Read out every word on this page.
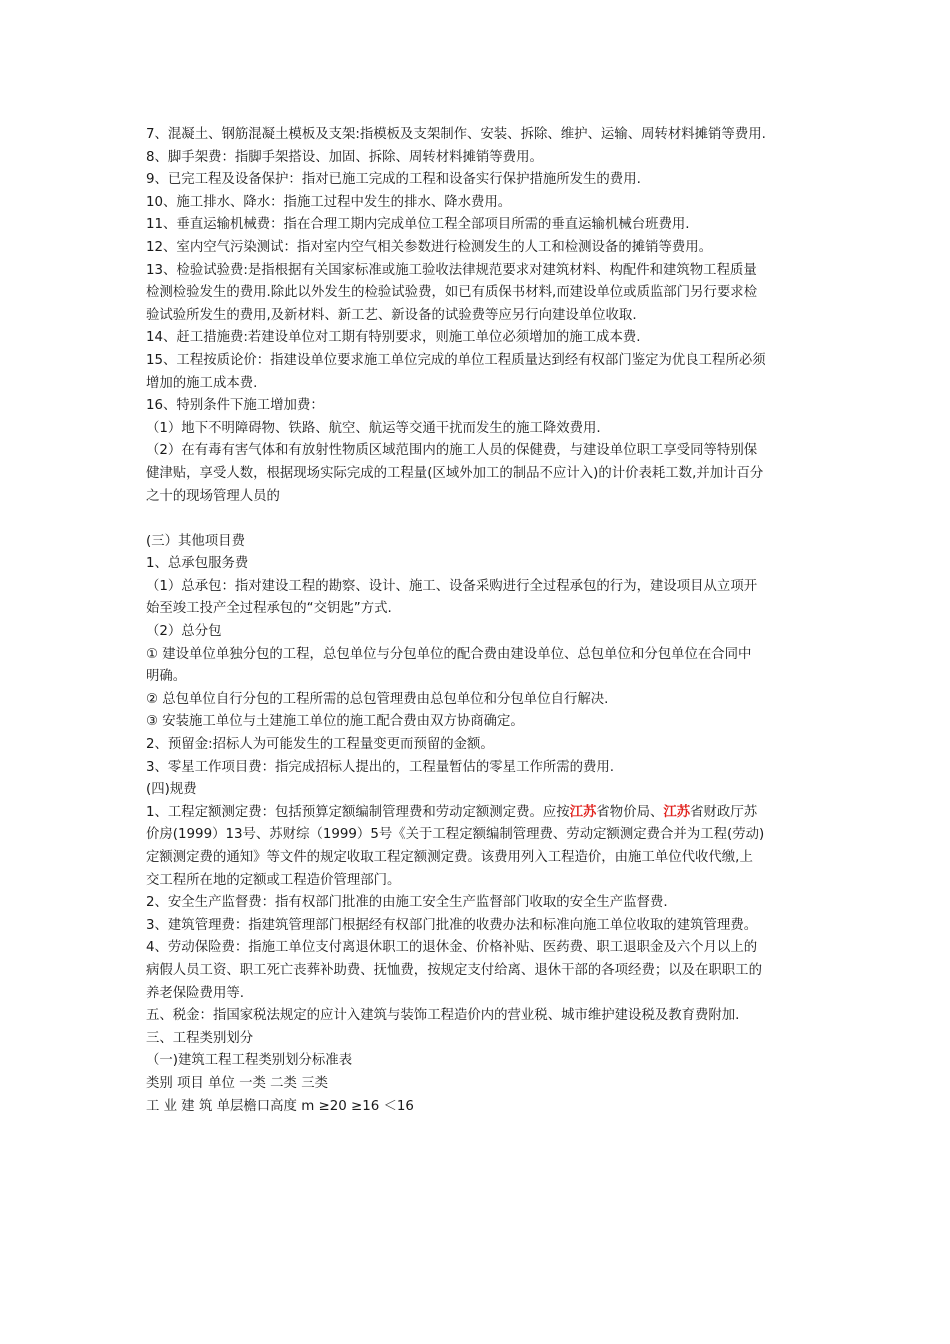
7、混凝土、钢筋混凝土模板及支架:指模板及支架制作、安装、拆除、维护、运输、周转材料摊销等费用.
8、脚手架费：指脚手架搭设、加固、拆除、周转材料摊销等费用。
9、已完工程及设备保护：指对已施工完成的工程和设备实行保护措施所发生的费用.
10、施工排水、降水：指施工过程中发生的排水、降水费用。
11、垂直运输机械费：指在合理工期内完成单位工程全部项目所需的垂直运输机械台班费用.
12、室内空气污染测试：指对室内空气相关参数进行检测发生的人工和检测设备的摊销等费用。
13、检验试验费:是指根据有关国家标准或施工验收法律规范要求对建筑材料、构配件和建筑物工程质量
检测检验发生的费用.除此以外发生的检验试验费，如已有质保书材料,而建设单位或质监部门另行要求检
验试验所发生的费用,及新材料、新工艺、新设备的试验费等应另行向建设单位收取.
14、赶工措施费:若建设单位对工期有特别要求，则施工单位必须增加的施工成本费.
15、工程按质论价：指建设单位要求施工单位完成的单位工程质量达到经有权部门鉴定为优良工程所必须
增加的施工成本费.
16、特别条件下施工增加费：
（1）地下不明障碍物、铁路、航空、航运等交通干扰而发生的施工降效费用.
（2）在有毒有害气体和有放射性物质区域范围内的施工人员的保健费，与建设单位职工享受同等特别保
健津贴，享受人数，根据现场实际完成的工程量(区域外加工的制品不应计入)的计价表耗工数,并加计百分
之十的现场管理人员的
(三）其他项目费
1、总承包服务费
（1）总承包：指对建设工程的勘察、设计、施工、设备采购进行全过程承包的行为，建设项目从立项开
始至竣工投产全过程承包的“交钥匙”方式.
（2）总分包
① 建设单位单独分包的工程，总包单位与分包单位的配合费由建设单位、总包单位和分包单位在合同中
明确。
② 总包单位自行分包的工程所需的总包管理费由总包单位和分包单位自行解决.
③ 安装施工单位与土建施工单位的施工配合费由双方协商确定。
2、预留金:招标人为可能发生的工程量变更而预留的金额。
3、零星工作项目费：指完成招标人提出的，工程量暂估的零星工作所需的费用.
(四)规费
1、工程定额测定费：包括预算定额编制管理费和劳动定额测定费。应按江苏省物价局、江苏省财政厅苏
价房(1999）13号、苏财综（1999）5号《关于工程定额编制管理费、劳动定额测定费合并为工程(劳动)
定额测定费的通知》等文件的规定收取工程定额测定费。该费用列入工程造价，由施工单位代收代缴,上
交工程所在地的定额或工程造价管理部门。
2、安全生产监督费：指有权部门批准的由施工安全生产监督部门收取的安全生产监督费.
3、建筑管理费：指建筑管理部门根据经有权部门批准的收费办法和标准向施工单位收取的建筑管理费。
4、劳动保险费：指施工单位支付离退休职工的退休金、价格补贴、医药费、职工退职金及六个月以上的
病假人员工资、职工死亡丧葬补助费、抚恤费，按规定支付给离、退休干部的各项经费；以及在职职工的
养老保险费用等.
五、税金：指国家税法规定的应计入建筑与装饰工程造价内的营业税、城市维护建设税及教育费附加.
三、工程类别划分
（一)建筑工程工程类别划分标准表
类别 项目 单位 一类 二类 三类
工 业 建 筑 单层檐口高度 m ≥20 ≥16 ＜16
